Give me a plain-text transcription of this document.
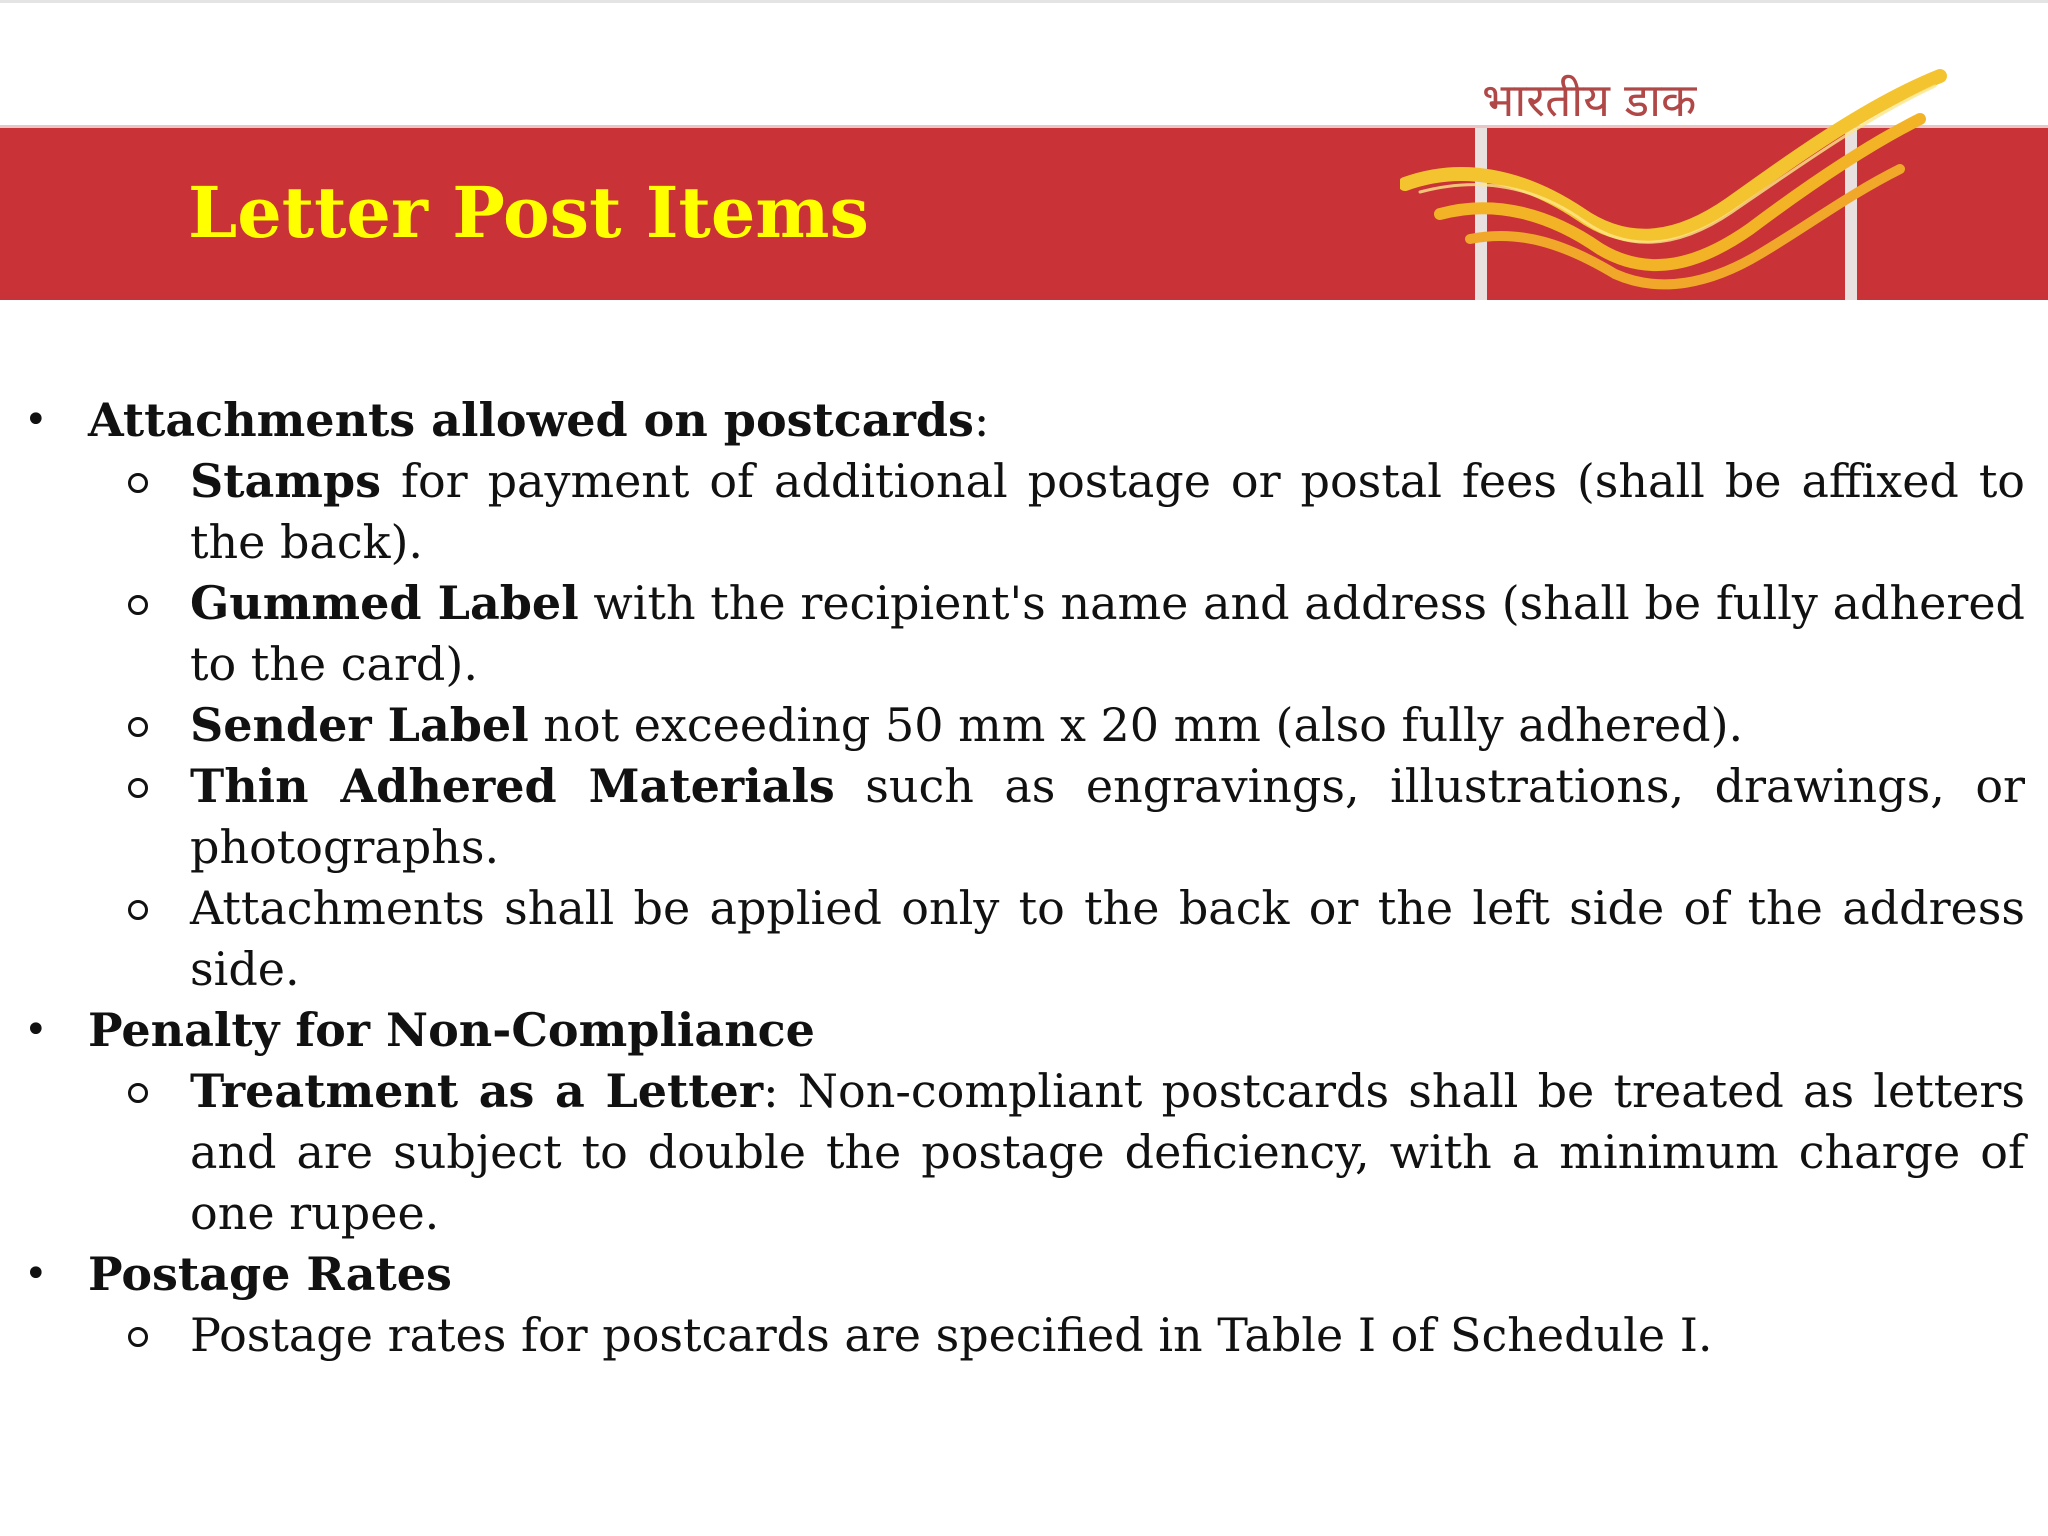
Letter Post Items
भारतीय डाक
• Attachments allowed on postcards:
Stamps for payment of additional postage or postal fees (shall be affixed to the back).
Gummed Label with the recipient's name and address (shall be fully adhered to the card).
Sender Label not exceeding 50 mm x 20 mm (also fully adhered).
Thin Adhered Materials such as engravings, illustrations, drawings, or photographs.
Attachments shall be applied only to the back or the left side of the address side.
• Penalty for Non-Compliance
Treatment as a Letter: Non-compliant postcards shall be treated as letters and are subject to double the postage deficiency, with a minimum charge of one rupee.
• Postage Rates
Postage rates for postcards are specified in Table I of Schedule I.
